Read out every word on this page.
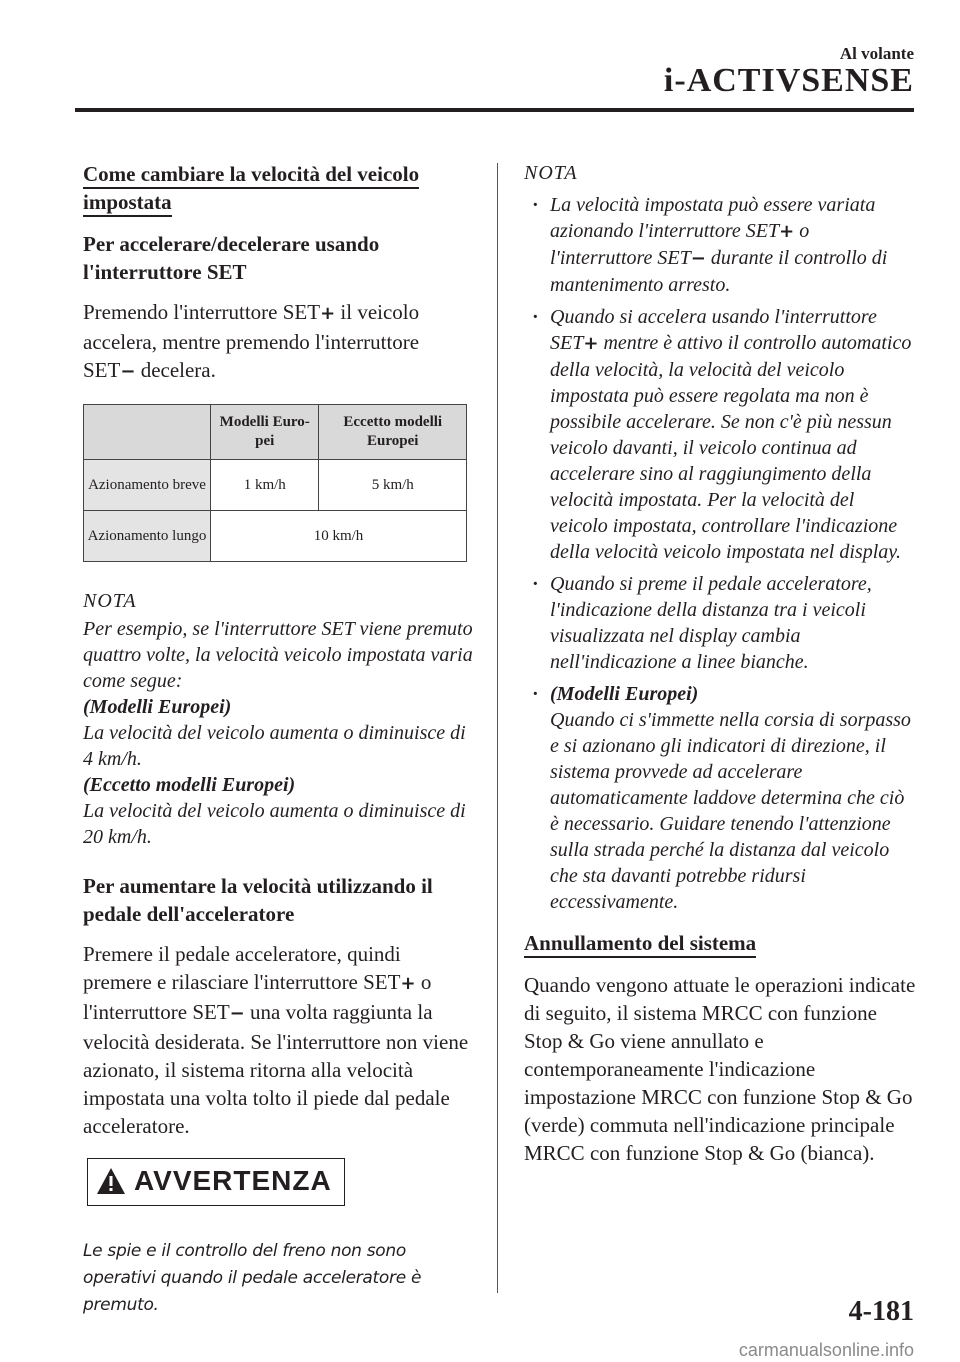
Al volante
i-ACTIVSENSE

Come cambiare la velocità del veicolo impostata

Per accelerare/decelerare usando l'interruttore SET

Premendo l'interruttore SET+ il veicolo accelera, mentre premendo l'interruttore SET− decelera.

	Modelli Euro-pei	Eccetto modelli Europei
Azionamento breve	1 km/h	5 km/h
Azionamento lungo	10 km/h	

NOTA

Per esempio, se l'interruttore SET viene premuto quattro volte, la velocità veicolo impostata varia come segue:
(Modelli Europei)
La velocità del veicolo aumenta o diminuisce di 4 km/h.
(Eccetto modelli Europei)
La velocità del veicolo aumenta o diminuisce di 20 km/h.

Per aumentare la velocità utilizzando il pedale dell'acceleratore

Premere il pedale acceleratore, quindi premere e rilasciare l'interruttore SET+ o l'interruttore SET− una volta raggiunta la velocità desiderata. Se l'interruttore non viene azionato, il sistema ritorna alla velocità impostata una volta tolto il piede dal pedale acceleratore.

AVVERTENZA

Le spie e il controllo del freno non sono operativi quando il pedale acceleratore è premuto.

NOTA

· La velocità impostata può essere variata azionando l'interruttore SET+ o l'interruttore SET− durante il controllo di mantenimento arresto.
· Quando si accelera usando l'interruttore SET+ mentre è attivo il controllo automatico della velocità, la velocità del veicolo impostata può essere regolata ma non è possibile accelerare. Se non c'è più nessun veicolo davanti, il veicolo continua ad accelerare sino al raggiungimento della velocità impostata. Per la velocità del veicolo impostata, controllare l'indicazione della velocità veicolo impostata nel display.
· Quando si preme il pedale acceleratore, l'indicazione della distanza tra i veicoli visualizzata nel display cambia nell'indicazione a linee bianche.
· (Modelli Europei)
Quando ci s'immette nella corsia di sorpasso e si azionano gli indicatori di direzione, il sistema provvede ad accelerare automaticamente laddove determina che ciò è necessario. Guidare tenendo l'attenzione sulla strada perché la distanza dal veicolo che sta davanti potrebbe ridursi eccessivamente.

Annullamento del sistema

Quando vengono attuate le operazioni indicate di seguito, il sistema MRCC con funzione Stop & Go viene annullato e contemporaneamente l'indicazione impostazione MRCC con funzione Stop & Go (verde) commuta nell'indicazione principale MRCC con funzione Stop & Go (bianca).

4-181
carmanualsonline.info
